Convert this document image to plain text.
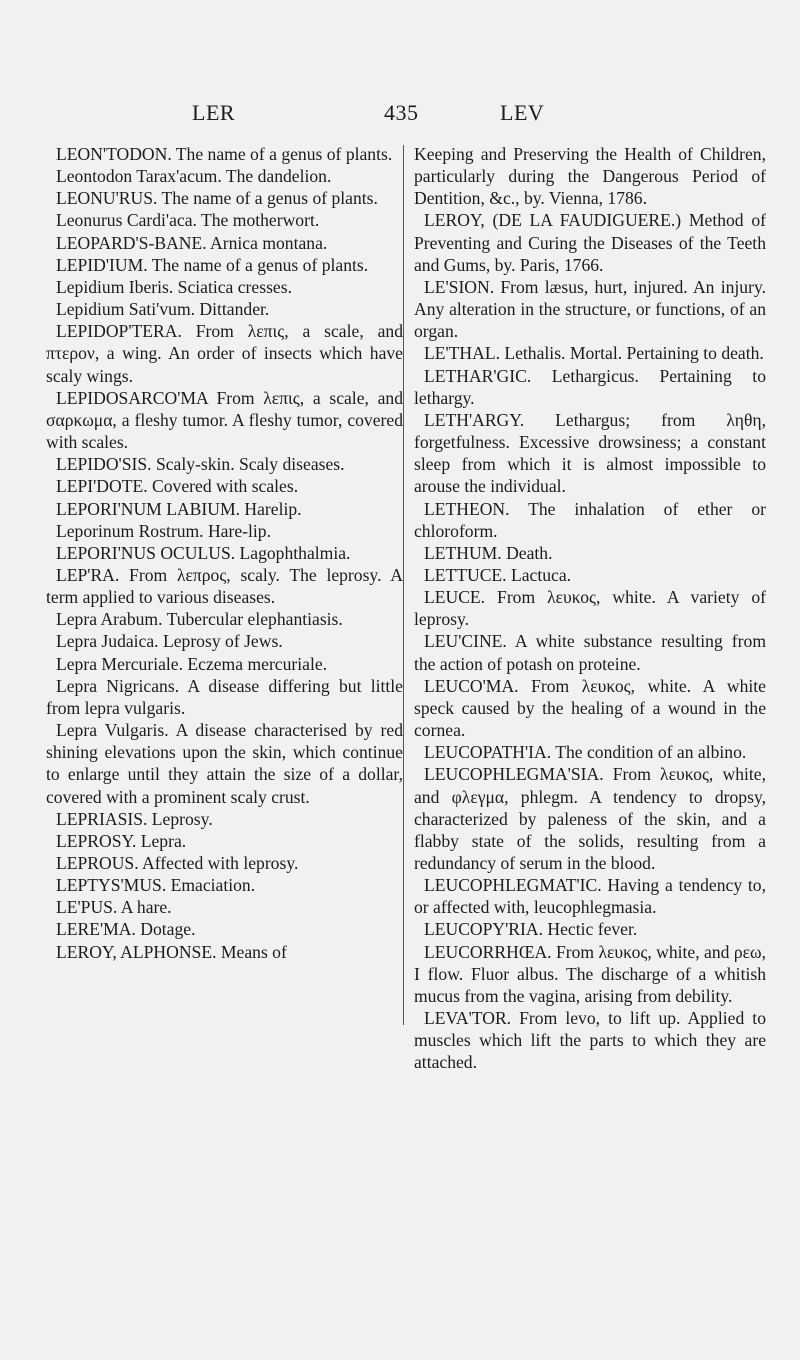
LER	435	LEV

LEON'TODON. The name of a genus of plants.

Leontodon Tarax'acum. The dandelion.

LEONU'RUS. The name of a genus of plants.

Leonurus Cardi'aca. The motherwort.

LEOPARD'S-BANE. Arnica montana.

LEPID'IUM. The name of a genus of plants.

Lepidium Iberis. Sciatica cresses.

Lepidium Sati'vum. Dittander.

LEPIDOP'TERA. From λεπις, a scale, and πτερον, a wing. An order of insects which have scaly wings.

LEPIDOSARCO'MA From λεπις, a scale, and σαρκωμα, a fleshy tumor. A fleshy tumor, covered with scales.

LEPIDO'SIS. Scaly-skin. Scaly diseases.

LEPI'DOTE. Covered with scales.

LEPORI'NUM LABIUM. Harelip.

Leporinum Rostrum. Hare-lip.

LEPORI'NUS OCULUS. Lagophthalmia.

LEP'RA. From λεπρος, scaly. The leprosy. A term applied to various diseases.

Lepra Arabum. Tubercular elephantiasis.

Lepra Judaica. Leprosy of Jews.

Lepra Mercuriale. Eczema mercuriale.

Lepra Nigricans. A disease differing but little from lepra vulgaris.

Lepra Vulgaris. A disease characterised by red shining elevations upon the skin, which continue to enlarge until they attain the size of a dollar, covered with a prominent scaly crust.

LEPRIASIS. Leprosy.

LEPROSY. Lepra.

LEPROUS. Affected with leprosy.

LEPTYS'MUS. Emaciation.

LE'PUS. A hare.

LERE'MA. Dotage.

LEROY, ALPHONSE. Means of

Keeping and Preserving the Health of Children, particularly during the Dangerous Period of Dentition, &c., by. Vienna, 1786.

LEROY, (DE LA FAUDIGUERE.) Method of Preventing and Curing the Diseases of the Teeth and Gums, by. Paris, 1766.

LE'SION. From læsus, hurt, injured. An injury. Any alteration in the structure, or functions, of an organ.

LE'THAL. Lethalis. Mortal. Pertaining to death.

LETHAR'GIC. Lethargicus. Pertaining to lethargy.

LETH'ARGY. Lethargus; from ληθη, forgetfulness. Excessive drowsiness; a constant sleep from which it is almost impossible to arouse the individual.

LETHEON. The inhalation of ether or chloroform.

LETHUM. Death.

LETTUCE. Lactuca.

LEUCE. From λευκος, white. A variety of leprosy.

LEU'CINE. A white substance resulting from the action of potash on proteine.

LEUCO'MA. From λευκος, white. A white speck caused by the healing of a wound in the cornea.

LEUCOPATH'IA. The condition of an albino.

LEUCOPHLEGMA'SIA. From λευκος, white, and φλεγμα, phlegm. A tendency to dropsy, characterized by paleness of the skin, and a flabby state of the solids, resulting from a redundancy of serum in the blood.

LEUCOPHLEGMAT'IC. Having a tendency to, or affected with, leucophlegmasia.

LEUCOPY'RIA. Hectic fever.

LEUCORRHŒA. From λευκος, white, and ρεω, I flow. Fluor albus. The discharge of a whitish mucus from the vagina, arising from debility.

LEVA'TOR. From levo, to lift up. Applied to muscles which lift the parts to which they are attached.
